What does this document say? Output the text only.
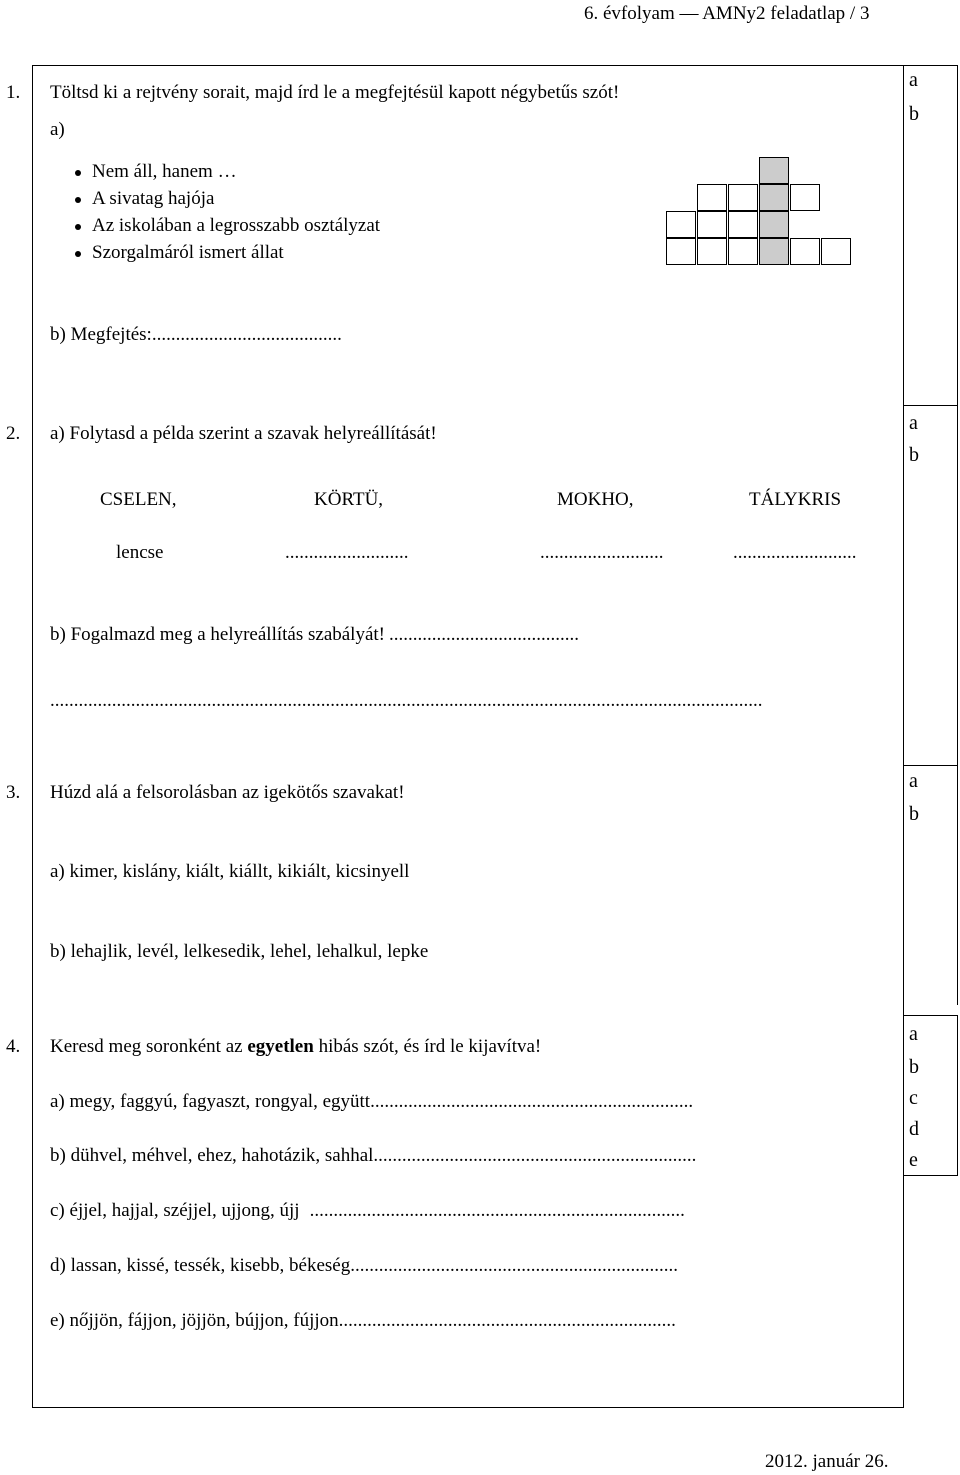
6. évfolyam — AMNy2 feladatlap / 3
1. Töltsd ki a rejtvény sorait, majd írd le a megfejtésül kapott négybetűs szót!
a)
Nem áll, hanem …
A sivatag hajója
Az iskolában a legrosszabb osztályzat
Szorgalmáról ismert állat
b) Megfejtés:........................................
a
b
2. a) Folytasd a példa szerint a szavak helyreállítását!
CSELEN,	KÖRTÜ,	MOKHO,	TÁLYKRIS
lencse	..........................	..........................	..........................
b) Fogalmazd meg a helyreállítás szabályát! ........................................
......................................................................................................................................................
a
b
3. Húzd alá a felsorolásban az igekötős szavakat!
a) kimer, kislány, kiált, kiállt, kikiált, kicsinyell
b) lehajlik, levél, lelkesedik, lehel, lehalkul, lepke
a
b
4. Keresd meg soronként az egyetlen hibás szót, és írd le kijavítva!
a) megy, faggyú, fagyaszt, rongyal, együtt....................................................................
b) dühvel, méhvel, ehez, hahotázik, sahhal....................................................................
c) éjjel, hajjal, széjjel, ujjong, újj ...............................................................................
d) lassan, kissé, tessék, kisebb, békeség.....................................................................
e) nőjjön, fájjon, jöjjön, bújjon, fújjon.......................................................................
a
b
c
d
e
2012. január 26.
